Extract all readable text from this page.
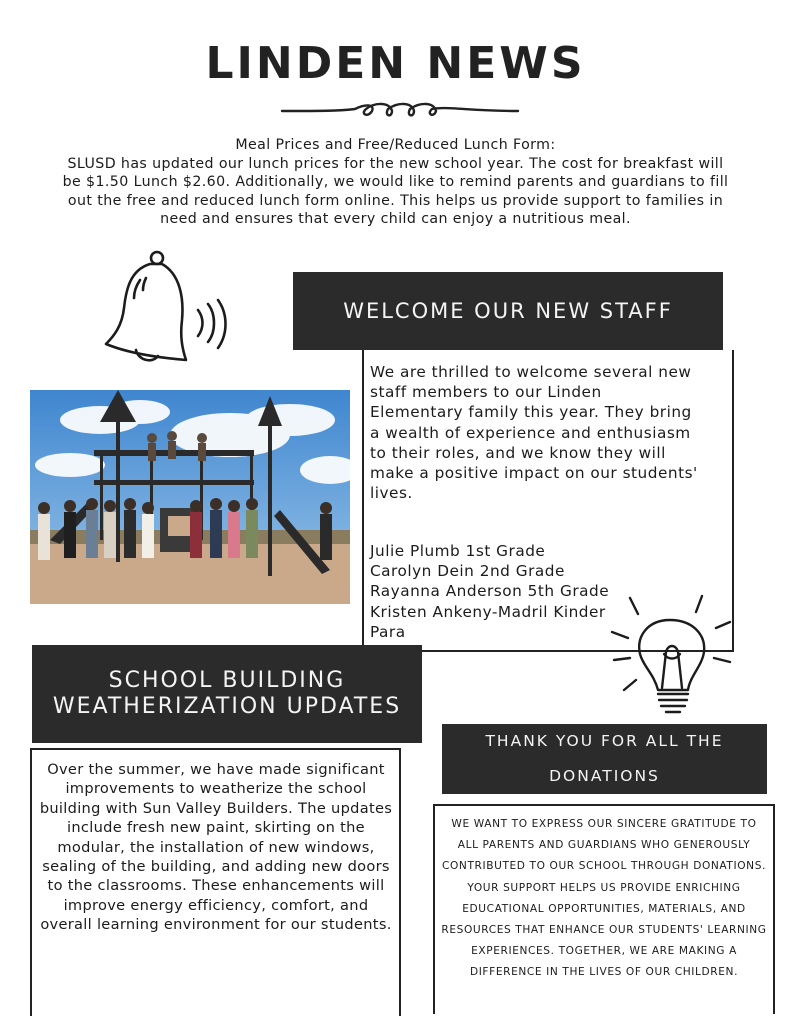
LINDEN NEWS
Meal Prices and Free/Reduced Lunch Form:
SLUSD has updated our lunch prices for the new school year. The cost for breakfast will be $1.50 Lunch $2.60. Additionally, we would like to remind parents and guardians to fill out the free and reduced lunch form online. This helps us provide support to families in need and ensures that every child can enjoy a nutritious meal.
WELCOME OUR NEW STAFF
We are thrilled to welcome several new staff members to our Linden Elementary family this year. They bring a wealth of experience and enthusiasm to their roles, and we know they will make a positive impact on our students' lives.
Julie Plumb 1st Grade
Carolyn Dein 2nd Grade
Rayanna Anderson 5th Grade
Kristen Ankeny-Madril Kinder
Para
SCHOOL BUILDING WEATHERIZATION UPDATES
Over the summer, we have made significant improvements to weatherize the school building with Sun Valley Builders. The updates include fresh new paint, skirting on the modular, the installation of new windows, sealing of the building, and adding new doors to the classrooms. These enhancements will improve energy efficiency, comfort, and overall learning environment for our students.
THANK YOU FOR ALL THE DONATIONS
WE WANT TO EXPRESS OUR SINCERE GRATITUDE TO ALL PARENTS AND GUARDIANS WHO GENEROUSLY CONTRIBUTED TO OUR SCHOOL THROUGH DONATIONS. YOUR SUPPORT HELPS US PROVIDE ENRICHING EDUCATIONAL OPPORTUNITIES, MATERIALS, AND RESOURCES THAT ENHANCE OUR STUDENTS' LEARNING EXPERIENCES. TOGETHER, WE ARE MAKING A DIFFERENCE IN THE LIVES OF OUR CHILDREN.
